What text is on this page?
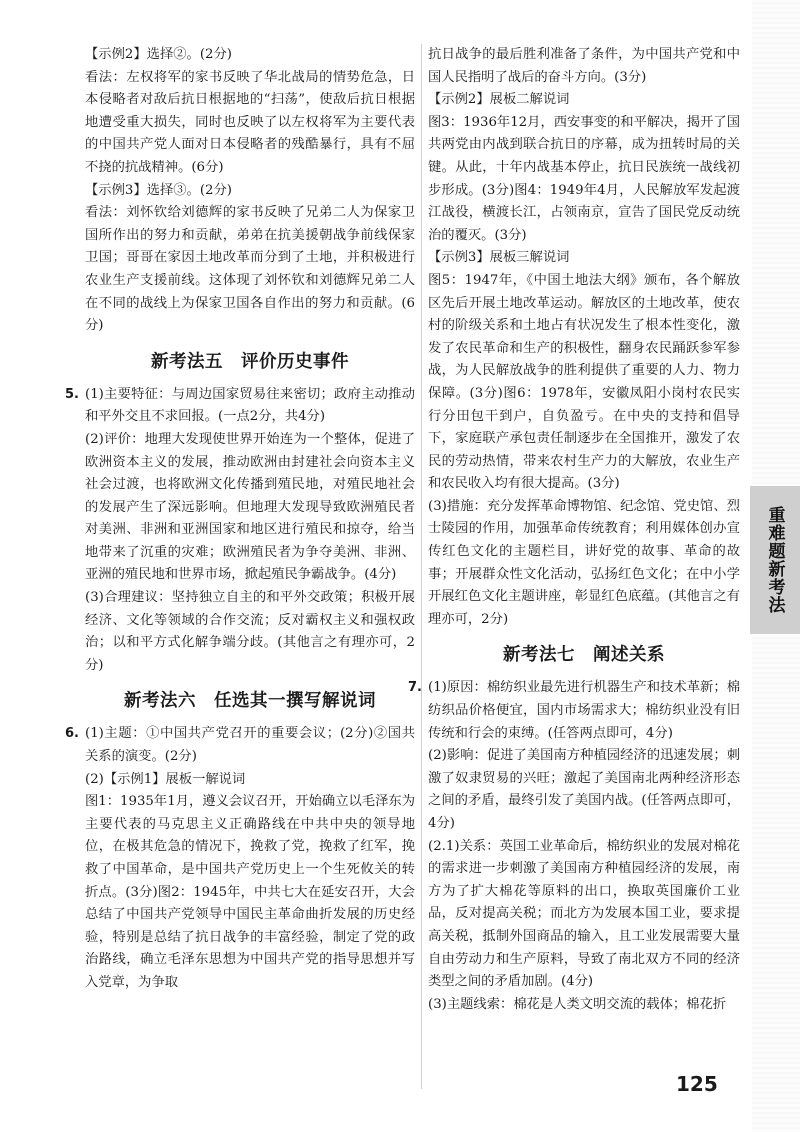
【示例2】选择②。(2分)

看法：左权将军的家书反映了华北战局的情势危急，日本侵略者对敌后抗日根据地的“扫荡”，使敌后抗日根据地遭受重大损失，同时也反映了以左权将军为主要代表的中国共产党人面对日本侵略者的残酷暴行，具有不屈不挠的抗战精神。(6分)

【示例3】选择③。(2分)

看法：刘怀钦给刘德辉的家书反映了兄弟二人为保家卫国所作出的努力和贡献，弟弟在抗美援朝战争前线保家卫国；哥哥在家因土地改革而分到了土地，并积极进行农业生产支援前线。这体现了刘怀钦和刘德辉兄弟二人在不同的战线上为保家卫国各自作出的努力和贡献。(6分)

新考法五　评价历史事件
5. (1)主要特征：与周边国家贸易往来密切；政府主动推动和平外交且不求回报。(一点2分，共4分)

(2)评价：地理大发现使世界开始连为一个整体，促进了欧洲资本主义的发展，推动欧洲由封建社会向资本主义社会过渡，也将欧洲文化传播到殖民地，对殖民地社会的发展产生了深远影响。但地理大发现导致欧洲殖民者对美洲、非洲和亚洲国家和地区进行殖民和掠夺，给当地带来了沉重的灾难；欧洲殖民者为争夺美洲、非洲、亚洲的殖民地和世界市场，掀起殖民争霸战争。(4分)

(3)合理建议：坚持独立自主的和平外交政策；积极开展经济、文化等领域的合作交流；反对霸权主义和强权政治；以和平方式化解争端分歧。(其他言之有理亦可，2分)

新考法六　任选其一撰写解说词
6. (1)主题：①中国共产党召开的重要会议；(2分)②国共关系的演变。(2分)

(2)【示例1】展板一解说词

图1：1935年1月，遵义会议召开，开始确立以毛泽东为主要代表的马克思主义正确路线在中共中央的领导地位，在极其危急的情况下，挽救了党，挽救了红军，挽救了中国革命，是中国共产党历史上一个生死攸关的转折点。(3分)图2：1945年，中共七大在延安召开，大会总结了中国共产党领导中国民主革命曲折发展的历史经验，特别是总结了抗日战争的丰富经验，制定了党的政治路线，确立毛泽东思想为中国共产党的指导思想并写入党章，为争取

抗日战争的最后胜利准备了条件，为中国共产党和中国人民指明了战后的奋斗方向。(3分)

【示例2】展板二解说词

图3：1936年12月，西安事变的和平解决，揭开了国共两党由内战到联合抗日的序幕，成为扭转时局的关键。从此，十年内战基本停止，抗日民族统一战线初步形成。(3分)图4：1949年4月，人民解放军发起渡江战役，横渡长江，占领南京，宣告了国民党反动统治的覆灭。(3分)

【示例3】展板三解说词

图5：1947年，《中国土地法大纲》颁布，各个解放区先后开展土地改革运动。解放区的土地改革，使农村的阶级关系和土地占有状况发生了根本性变化，激发了农民革命和生产的积极性，翻身农民踊跃参军参战，为人民解放战争的胜利提供了重要的人力、物力保障。(3分)图6：1978年，安徽凤阳小岗村农民实行分田包干到户，自负盈亏。在中央的支持和倡导下，家庭联产承包责任制逐步在全国推开，激发了农民的劳动热情，带来农村生产力的大解放，农业生产和农民收入均有很大提高。(3分)

(3)措施：充分发挥革命博物馆、纪念馆、党史馆、烈士陵园的作用，加强革命传统教育；利用媒体创办宣传红色文化的主题栏目，讲好党的故事、革命的故事；开展群众性文化活动，弘扬红色文化；在中小学开展红色文化主题讲座，彰显红色底蕴。(其他言之有理亦可，2分)

新考法七　阐述关系
7. (1)原因：棉纺织业最先进行机器生产和技术革新；棉纺织品价格便宜，国内市场需求大；棉纺织业没有旧传统和行会的束缚。(任答两点即可，4分)

(2)影响：促进了美国南方种植园经济的迅速发展；刺激了奴隶贸易的兴旺；激起了美国南北两种经济形态之间的矛盾，最终引发了美国内战。(任答两点即可，4分)

(2.1)关系：英国工业革命后，棉纺织业的发展对棉花的需求进一步刺激了美国南方种植园经济的发展，南方为了扩大棉花等原料的出口，换取英国廉价工业品，反对提高关税；而北方为发展本国工业，要求提高关税，抵制外国商品的输入，且工业发展需要大量自由劳动力和生产原料，导致了南北双方不同的经济类型之间的矛盾加剧。(4分)

(3)主题线索：棉花是人类文明交流的载体；棉花折

重难题新考法
125
